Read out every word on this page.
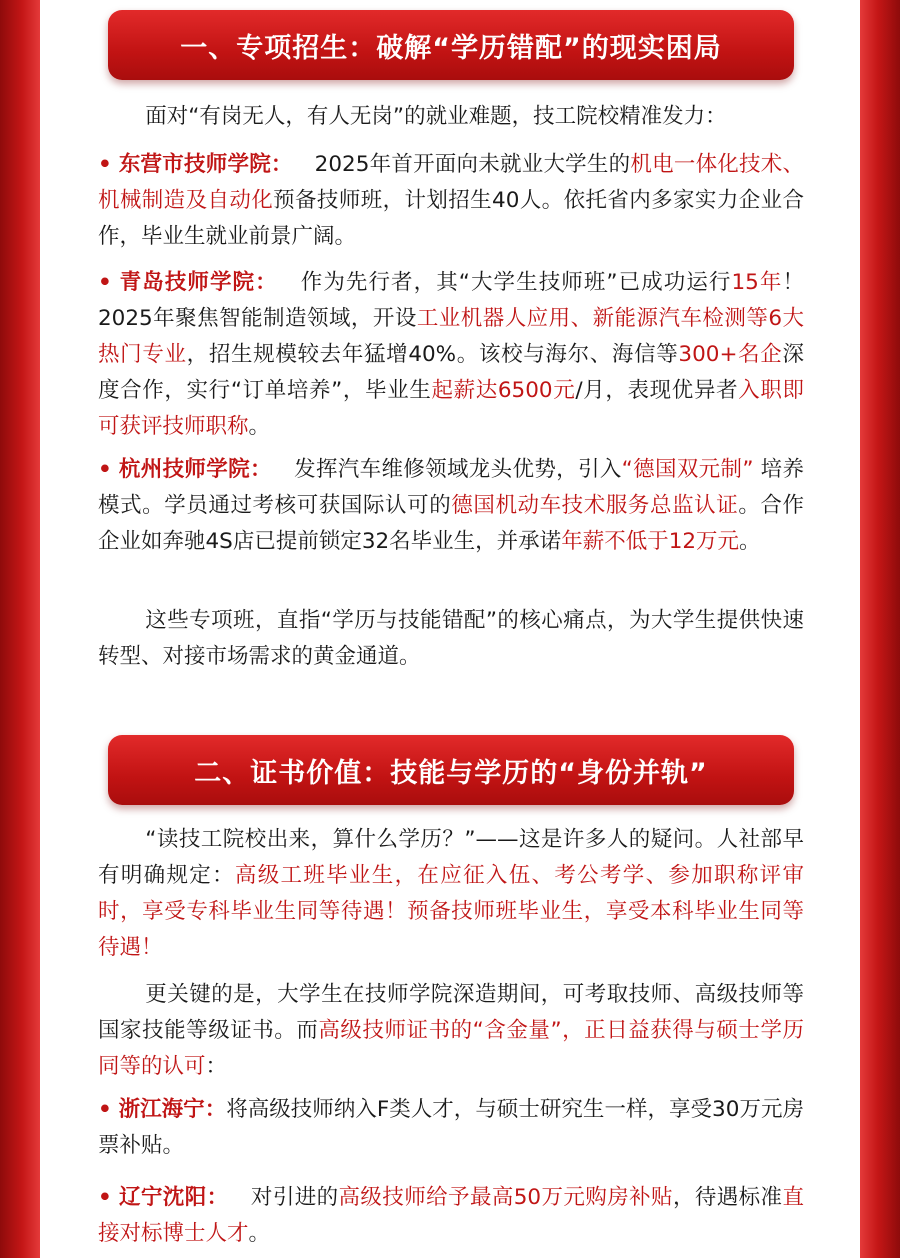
一、专项招生：破解“学历错配”的现实困局

面对“有岗无人，有人无岗”的就业难题，技工院校精准发力：

• 东营市技师学院： 2025年首开面向未就业大学生的机电一体化技术、机械制造及自动化预备技师班，计划招生40人。依托省内多家实力企业合作，毕业生就业前景广阔。

• 青岛技师学院： 作为先行者，其“大学生技师班”已成功运行15年！2025年聚焦智能制造领域，开设工业机器人应用、新能源汽车检测等6大热门专业，招生规模较去年猛增40%。该校与海尔、海信等300+名企深度合作，实行“订单培养”，毕业生起薪达6500元/月，表现优异者入职即可获评技师职称。

• 杭州技师学院： 发挥汽车维修领域龙头优势，引入“德国双元制” 培养模式。学员通过考核可获国际认可的德国机动车技术服务总监认证。合作企业如奔驰4S店已提前锁定32名毕业生，并承诺年薪不低于12万元。

这些专项班，直指“学历与技能错配”的核心痛点，为大学生提供快速转型、对接市场需求的黄金通道。

二、证书价值：技能与学历的“身份并轨”

“读技工院校出来，算什么学历？”——这是许多人的疑问。人社部早有明确规定：高级工班毕业生，在应征入伍、考公考学、参加职称评审时，享受专科毕业生同等待遇！预备技师班毕业生，享受本科毕业生同等待遇！

更关键的是，大学生在技师学院深造期间，可考取技师、高级技师等国家技能等级证书。而高级技师证书的“含金量”，正日益获得与硕士学历同等的认可：

• 浙江海宁：将高级技师纳入F类人才，与硕士研究生一样，享受30万元房票补贴。

• 辽宁沈阳： 对引进的高级技师给予最高50万元购房补贴，待遇标准直接对标博士人才。
